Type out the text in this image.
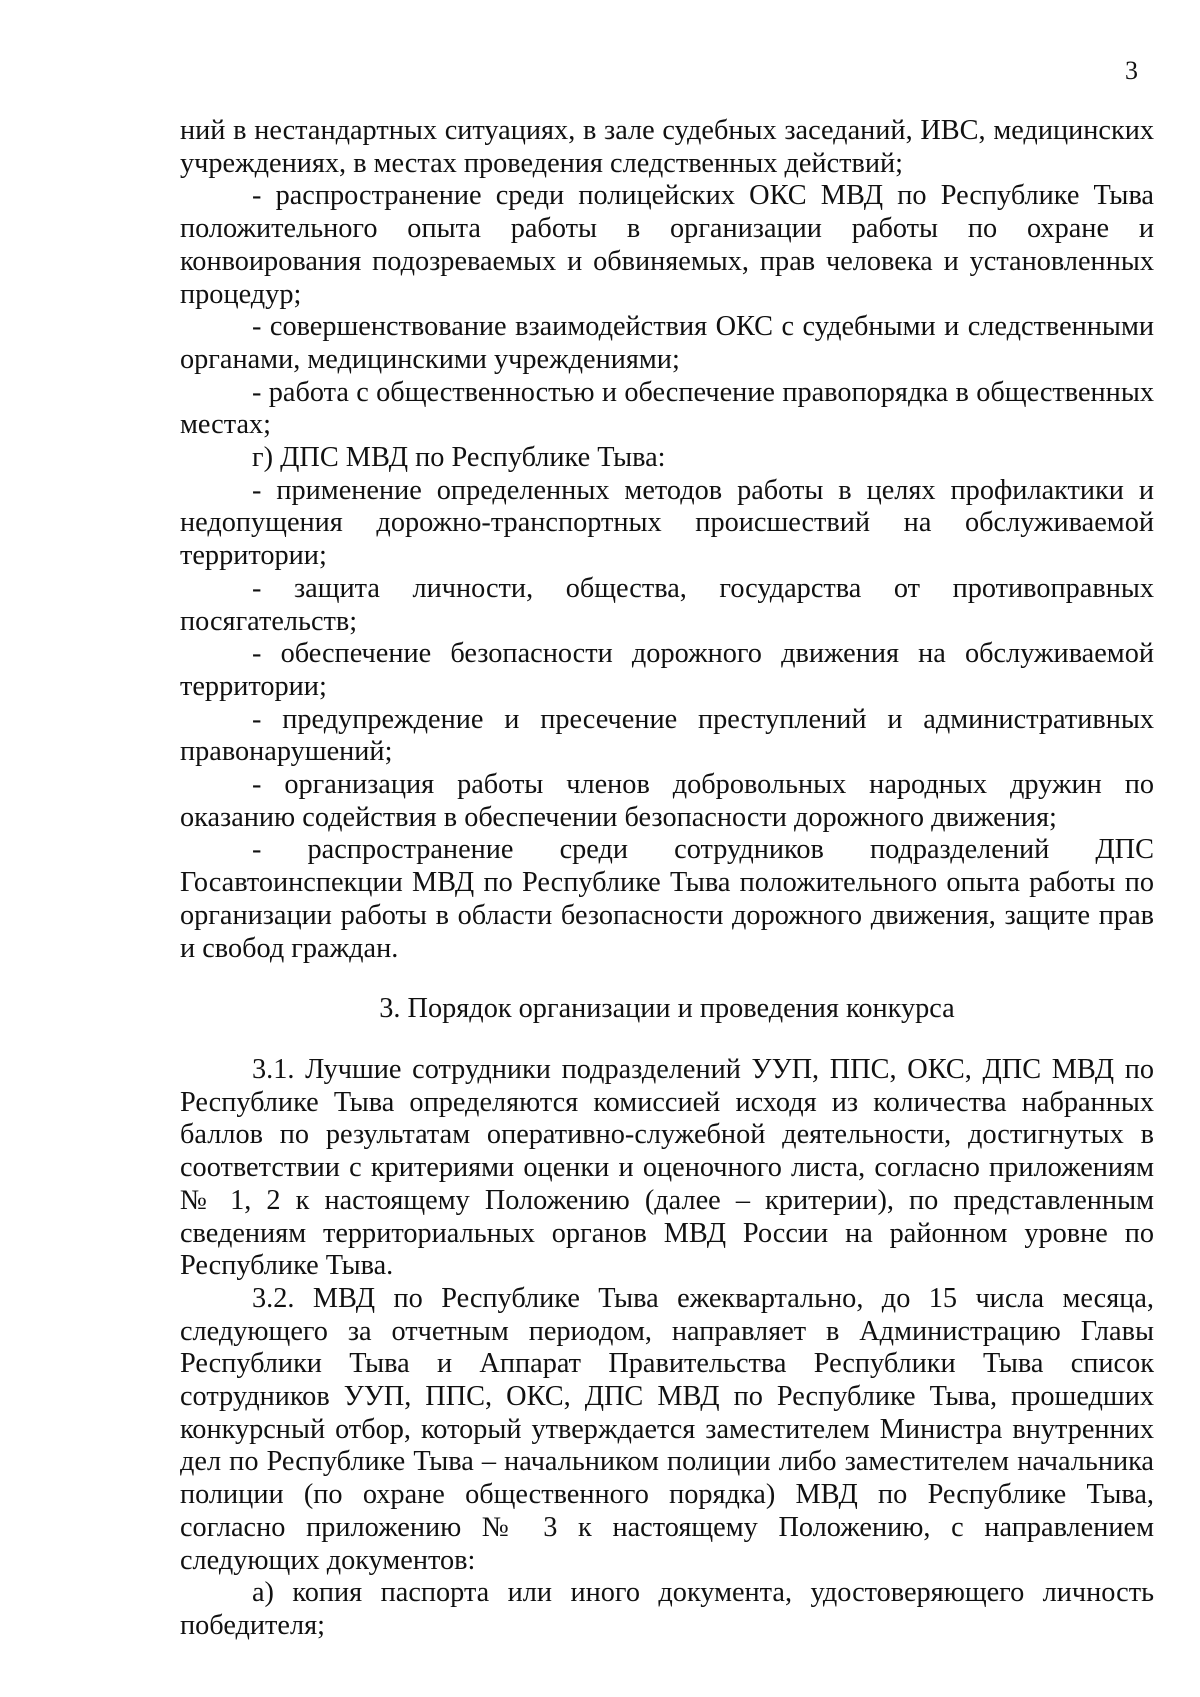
3

ний в нестандартных ситуациях, в зале судебных заседаний, ИВС, медицинских учреждениях, в местах проведения следственных действий;

- распространение среди полицейских ОКС МВД по Республике Тыва положительного опыта работы в организации работы по охране и конвоирования подозреваемых и обвиняемых, прав человека и установленных процедур;

- совершенствование взаимодействия ОКС с судебными и следственными органами, медицинскими учреждениями;

- работа с общественностью и обеспечение правопорядка в общественных местах;

г) ДПС МВД по Республике Тыва:

- применение определенных методов работы в целях профилактики и недопущения дорожно-транспортных происшествий на обслуживаемой территории;

- защита личности, общества, государства от противоправных посягательств;

- обеспечение безопасности дорожного движения на обслуживаемой территории;

- предупреждение и пресечение преступлений и административных правонарушений;

- организация работы членов добровольных народных дружин по оказанию содействия в обеспечении безопасности дорожного движения;

- распространение среди сотрудников подразделений ДПС Госавтоинспекции МВД по Республике Тыва положительного опыта работы по организации работы в области безопасности дорожного движения, защите прав и свобод граждан.

3. Порядок организации и проведения конкурса

3.1. Лучшие сотрудники подразделений УУП, ППС, ОКС, ДПС МВД по Республике Тыва определяются комиссией исходя из количества набранных баллов по результатам оперативно-служебной деятельности, достигнутых в соответствии с критериями оценки и оценочного листа, согласно приложениям № 1, 2 к настоящему Положению (далее – критерии), по представленным сведениям территориальных органов МВД России на районном уровне по Республике Тыва.

3.2. МВД по Республике Тыва ежеквартально, до 15 числа месяца, следующего за отчетным периодом, направляет в Администрацию Главы Республики Тыва и Аппарат Правительства Республики Тыва список сотрудников УУП, ППС, ОКС, ДПС МВД по Республике Тыва, прошедших конкурсный отбор, который утверждается заместителем Министра внутренних дел по Республике Тыва – начальником полиции либо заместителем начальника полиции (по охране общественного порядка) МВД по Республике Тыва, согласно приложению № 3 к настоящему Положению, с направлением следующих документов:

а) копия паспорта или иного документа, удостоверяющего личность победителя;
